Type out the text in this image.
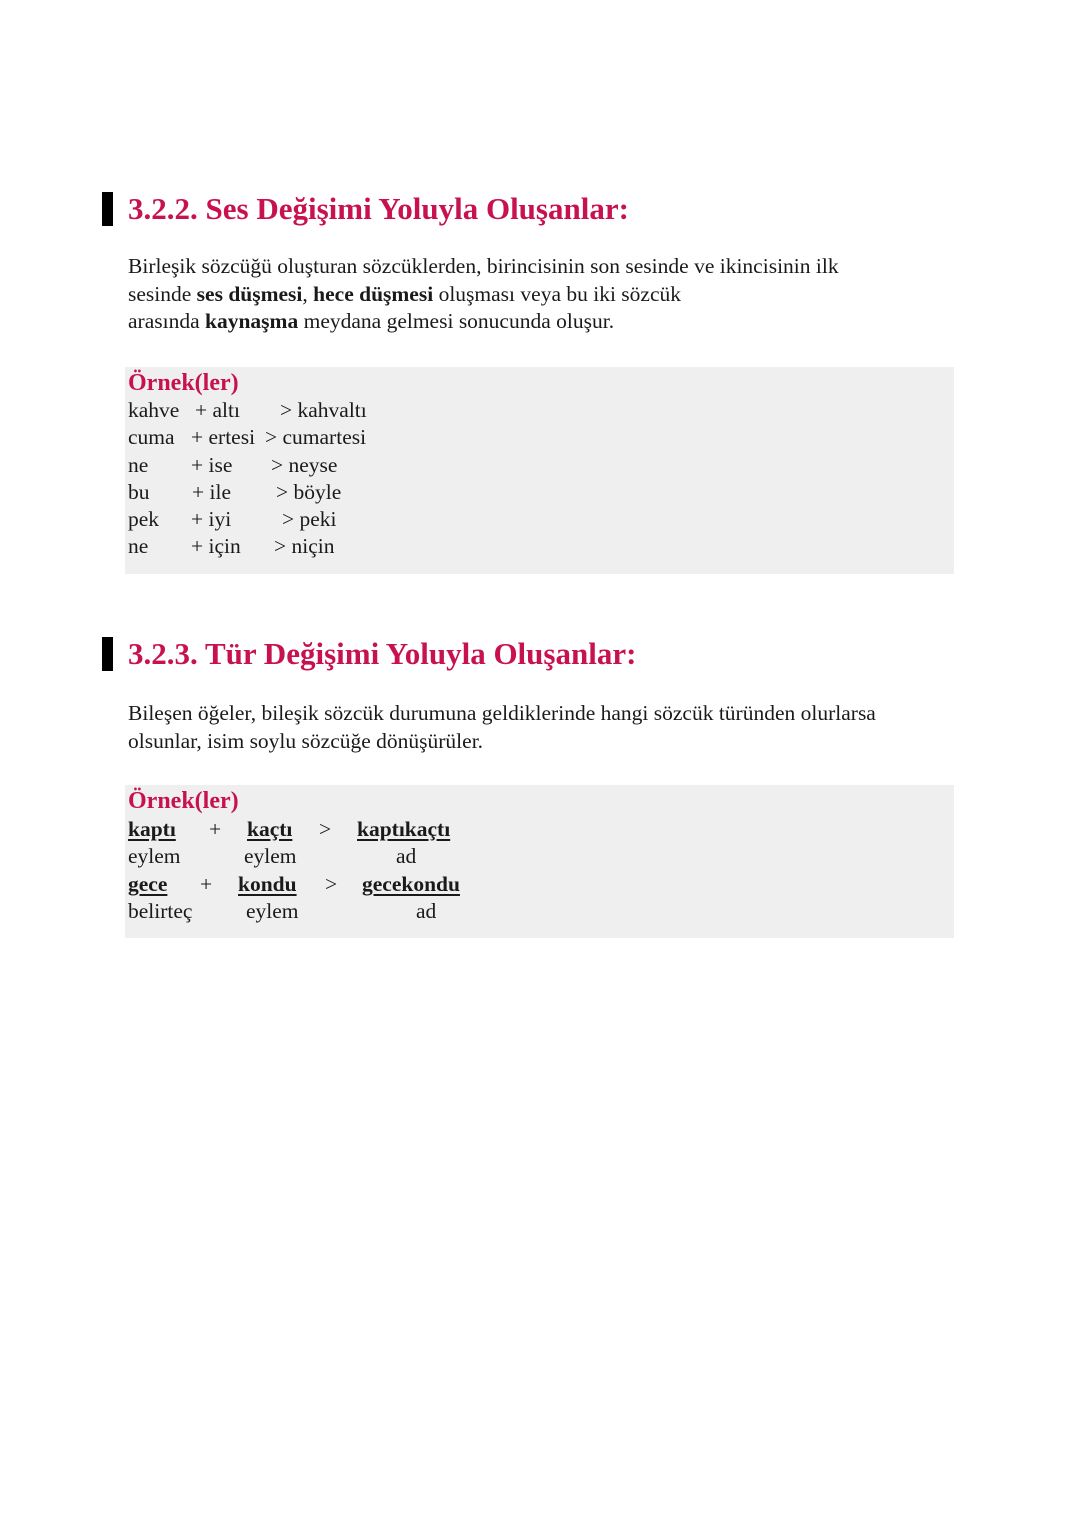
3.2.2. Ses Değişimi Yoluyla Oluşanlar:
Birleşik sözcüğü oluşturan sözcüklerden, birincisinin son sesinde ve ikincisinin ilk
sesinde ses düşmesi, hece düşmesi oluşması veya bu iki sözcük
arasında kaynaşma meydana gelmesi sonucunda oluşur.
Örnek(ler)
kahve + altı > kahvaltı
cuma + ertesi > cumartesi
ne + ise > neyse
bu + ile > böyle
pek + iyi > peki
ne + için > niçin
3.2.3. Tür Değişimi Yoluyla Oluşanlar:
Bileşen öğeler, bileşik sözcük durumuna geldiklerinde hangi sözcük türünden olurlarsa
olsunlar, isim soylu sözcüğe dönüşürüler.
Örnek(ler)
kaptı + kaçtı > kaptıkaçtı
eylem	eylem	ad
gece + kondu > gecekondu
belirteç eylem	ad
